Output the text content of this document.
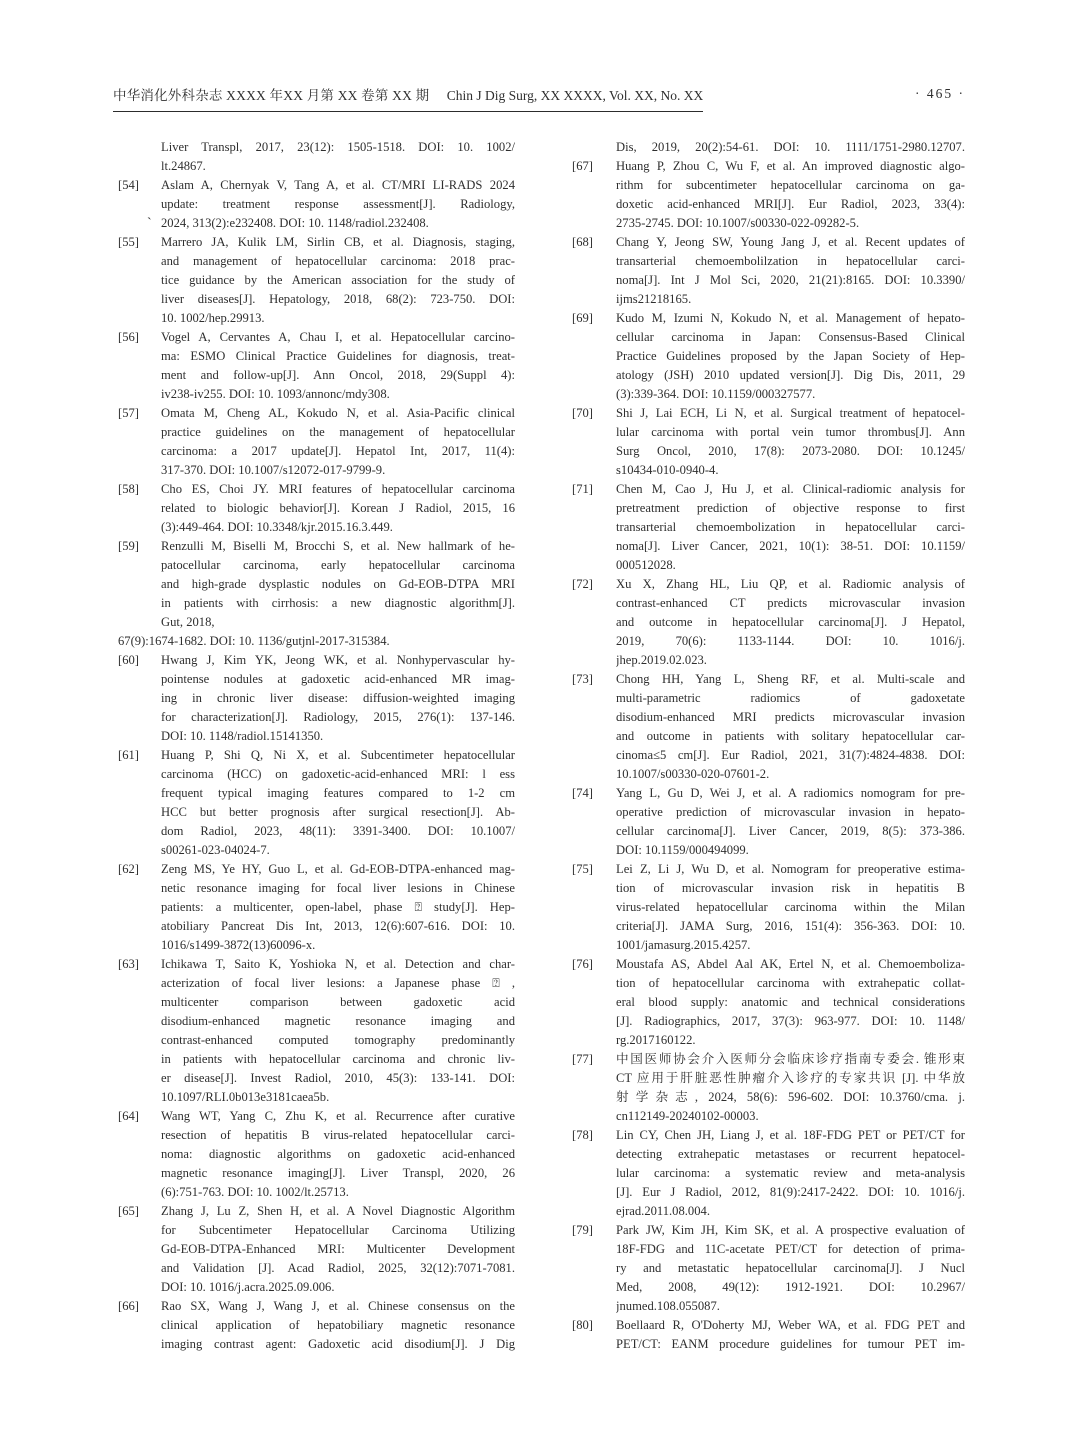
中华消化外科杂志 XXXX 年XX 月第 XX 卷第 XX 期 Chin J Dig Surg, XX XXXX, Vol. XX, No. XX	· 465 ·
Liver Transpl, 2017, 23(12): 1505-1518. DOI: 10. 1002/
lt.24867.
[54]	Aslam A, Chernyak V, Tang A, et al. CT/MRI LI-RADS 2024
update: treatment response assessment[J]. Radiology,
2024, 313(2):e232408. DOI: 10. 1148/radiol.232408.
`
[55]	Marrero JA, Kulik LM, Sirlin CB, et al. Diagnosis, staging,
and management of hepatocellular carcinoma: 2018 prac-
tice guidance by the American association for the study of
liver diseases[J]. Hepatology, 2018, 68(2): 723-750. DOI:
10. 1002/hep.29913.
[56]	Vogel A, Cervantes A, Chau I, et al. Hepatocellular carcino-
ma: ESMO Clinical Practice Guidelines for diagnosis, treat-
ment and follow-up[J]. Ann Oncol, 2018, 29(Suppl 4):
iv238-iv255. DOI: 10. 1093/annonc/mdy308.
[57]	Omata M, Cheng AL, Kokudo N, et al. Asia-Pacific clinical
practice guidelines on the management of hepatocellular
carcinoma: a 2017 update[J]. Hepatol Int, 2017, 11(4):
317-370. DOI: 10.1007/s12072-017-9799-9.
[58]	Cho ES, Choi JY. MRI features of hepatocellular carcinoma
related to biologic behavior[J]. Korean J Radiol, 2015, 16
(3):449-464. DOI: 10.3348/kjr.2015.16.3.449.
[59]	Renzulli M, Biselli M, Brocchi S, et al. New hallmark of he-
patocellular carcinoma, early hepatocellular carcinoma
and high-grade dysplastic nodules on Gd-EOB-DTPA MRI
in patients with cirrhosis: a new diagnostic algorithm[J].
Gut, 2018,
67(9):1674-1682. DOI: 10. 1136/gutjnl-2017-315384.
[60]	Hwang J, Kim YK, Jeong WK, et al. Nonhypervascular hy-
pointense nodules at gadoxetic acid-enhanced MR imag-
ing in chronic liver disease: diffusion-weighted imaging
for characterization[J]. Radiology, 2015, 276(1): 137-146.
DOI: 10. 1148/radiol.15141350.
[61]	Huang P, Shi Q, Ni X, et al. Subcentimeter hepatocellular
carcinoma (HCC) on gadoxetic-acid-enhanced MRI: l ess
frequent typical imaging features compared to 1-2 cm
HCC but better prognosis after surgical resection[J]. Ab-
dom Radiol, 2023, 48(11): 3391-3400. DOI: 10.1007/
s00261-023-04024-7.
[62]	Zeng MS, Ye HY, Guo L, et al. Gd-EOB-DTPA-enhanced mag-
netic resonance imaging for focal liver lesions in Chinese
patients: a multicenter, open-label, phase ⍰ study[J]. Hep-
atobiliary Pancreat Dis Int, 2013, 12(6):607-616. DOI: 10.
1016/s1499-3872(13)60096-x.
[63]	Ichikawa T, Saito K, Yoshioka N, et al. Detection and char-
acterization of focal liver lesions: a Japanese phase ⍰ ,
multicenter comparison between gadoxetic acid
disodium-enhanced magnetic resonance imaging and
contrast-enhanced computed tomography predominantly
in patients with hepatocellular carcinoma and chronic liv-
er disease[J]. Invest Radiol, 2010, 45(3): 133-141. DOI:
10.1097/RLI.0b013e3181caea5b.
[64]	Wang WT, Yang C, Zhu K, et al. Recurrence after curative
resection of hepatitis B virus-related hepatocellular carci-
noma: diagnostic algorithms on gadoxetic acid-enhanced
magnetic resonance imaging[J]. Liver Transpl, 2020, 26
(6):751-763. DOI: 10. 1002/lt.25713.
[65]	Zhang J, Lu Z, Shen H, et al. A Novel Diagnostic Algorithm
for Subcentimeter Hepatocellular Carcinoma Utilizing
Gd-EOB-DTPA-Enhanced MRI: Multicenter Development
and Validation [J]. Acad Radiol, 2025, 32(12):7071-7081.
DOI: 10. 1016/j.acra.2025.09.006.
[66]	Rao SX, Wang J, Wang J, et al. Chinese consensus on the
clinical application of hepatobiliary magnetic resonance
imaging contrast agent: Gadoxetic acid disodium[J]. J Dig
Dis, 2019, 20(2):54-61. DOI: 10. 1111/1751-2980.12707.
[67]	Huang P, Zhou C, Wu F, et al. An improved diagnostic algo-
rithm for subcentimeter hepatocellular carcinoma on ga-
doxetic acid-enhanced MRI[J]. Eur Radiol, 2023, 33(4):
2735-2745. DOI: 10.1007/s00330-022-09282-5.
[68]	Chang Y, Jeong SW, Young Jang J, et al. Recent updates of
transarterial chemoembolilzation in hepatocellular carci-
noma[J]. Int J Mol Sci, 2020, 21(21):8165. DOI: 10.3390/
ijms21218165.
[69]	Kudo M, Izumi N, Kokudo N, et al. Management of hepato-
cellular carcinoma in Japan: Consensus-Based Clinical
Practice Guidelines proposed by the Japan Society of Hep-
atology (JSH) 2010 updated version[J]. Dig Dis, 2011, 29
(3):339-364. DOI: 10.1159/000327577.
[70]	Shi J, Lai ECH, Li N, et al. Surgical treatment of hepatocel-
lular carcinoma with portal vein tumor thrombus[J]. Ann
Surg Oncol, 2010, 17(8): 2073-2080. DOI: 10.1245/
s10434-010-0940-4.
[71]	Chen M, Cao J, Hu J, et al. Clinical-radiomic analysis for
pretreatment prediction of objective response to first
transarterial chemoembolization in hepatocellular carci-
noma[J]. Liver Cancer, 2021, 10(1): 38-51. DOI: 10.1159/
000512028.
[72]	Xu X, Zhang HL, Liu QP, et al. Radiomic analysis of
contrast-enhanced CT predicts microvascular invasion
and outcome in hepatocellular carcinoma[J]. J Hepatol,
2019, 70(6): 1133-1144. DOI: 10. 1016/j.
jhep.2019.02.023.
[73]	Chong HH, Yang L, Sheng RF, et al. Multi-scale and
multi-parametric radiomics of gadoxetate
disodium-enhanced MRI predicts microvascular invasion
and outcome in patients with solitary hepatocellular car-
cinoma≤5 cm[J]. Eur Radiol, 2021, 31(7):4824-4838. DOI:
10.1007/s00330-020-07601-2.
[74]	Yang L, Gu D, Wei J, et al. A radiomics nomogram for pre-
operative prediction of microvascular invasion in hepato-
cellular carcinoma[J]. Liver Cancer, 2019, 8(5): 373-386.
DOI: 10.1159/000494099.
[75]	Lei Z, Li J, Wu D, et al. Nomogram for preoperative estima-
tion of microvascular invasion risk in hepatitis B
virus-related hepatocellular carcinoma within the Milan
criteria[J]. JAMA Surg, 2016, 151(4): 356-363. DOI: 10.
1001/jamasurg.2015.4257.
[76]	Moustafa AS, Abdel Aal AK, Ertel N, et al. Chemoemboliza-
tion of hepatocellular carcinoma with extrahepatic collat-
eral blood supply: anatomic and technical considerations
[J]. Radiographics, 2017, 37(3): 963-977. DOI: 10. 1148/
rg.2017160122.
[77]	中国医师协会介入医师分会临床诊疗指南专委会. 锥形束
CT 应用于肝脏恶性肿瘤介入诊疗的专家共识 [J]. 中华放
射学杂志, 2024, 58(6): 596-602. DOI: 10.3760/cma. j.
cn112149-20240102-00003.
[78]	Lin CY, Chen JH, Liang J, et al. 18F-FDG PET or PET/CT for
detecting extrahepatic metastases or recurrent hepatocel-
lular carcinoma: a systematic review and meta-analysis
[J]. Eur J Radiol, 2012, 81(9):2417-2422. DOI: 10. 1016/j.
ejrad.2011.08.004.
[79]	Park JW, Kim JH, Kim SK, et al. A prospective evaluation of
18F-FDG and 11C-acetate PET/CT for detection of prima-
ry and metastatic hepatocellular carcinoma[J]. J Nucl
Med, 2008, 49(12): 1912-1921. DOI: 10.2967/
jnumed.108.055087.
[80]	Boellaard R, O'Doherty MJ, Weber WA, et al. FDG PET and
PET/CT: EANM procedure guidelines for tumour PET im-
